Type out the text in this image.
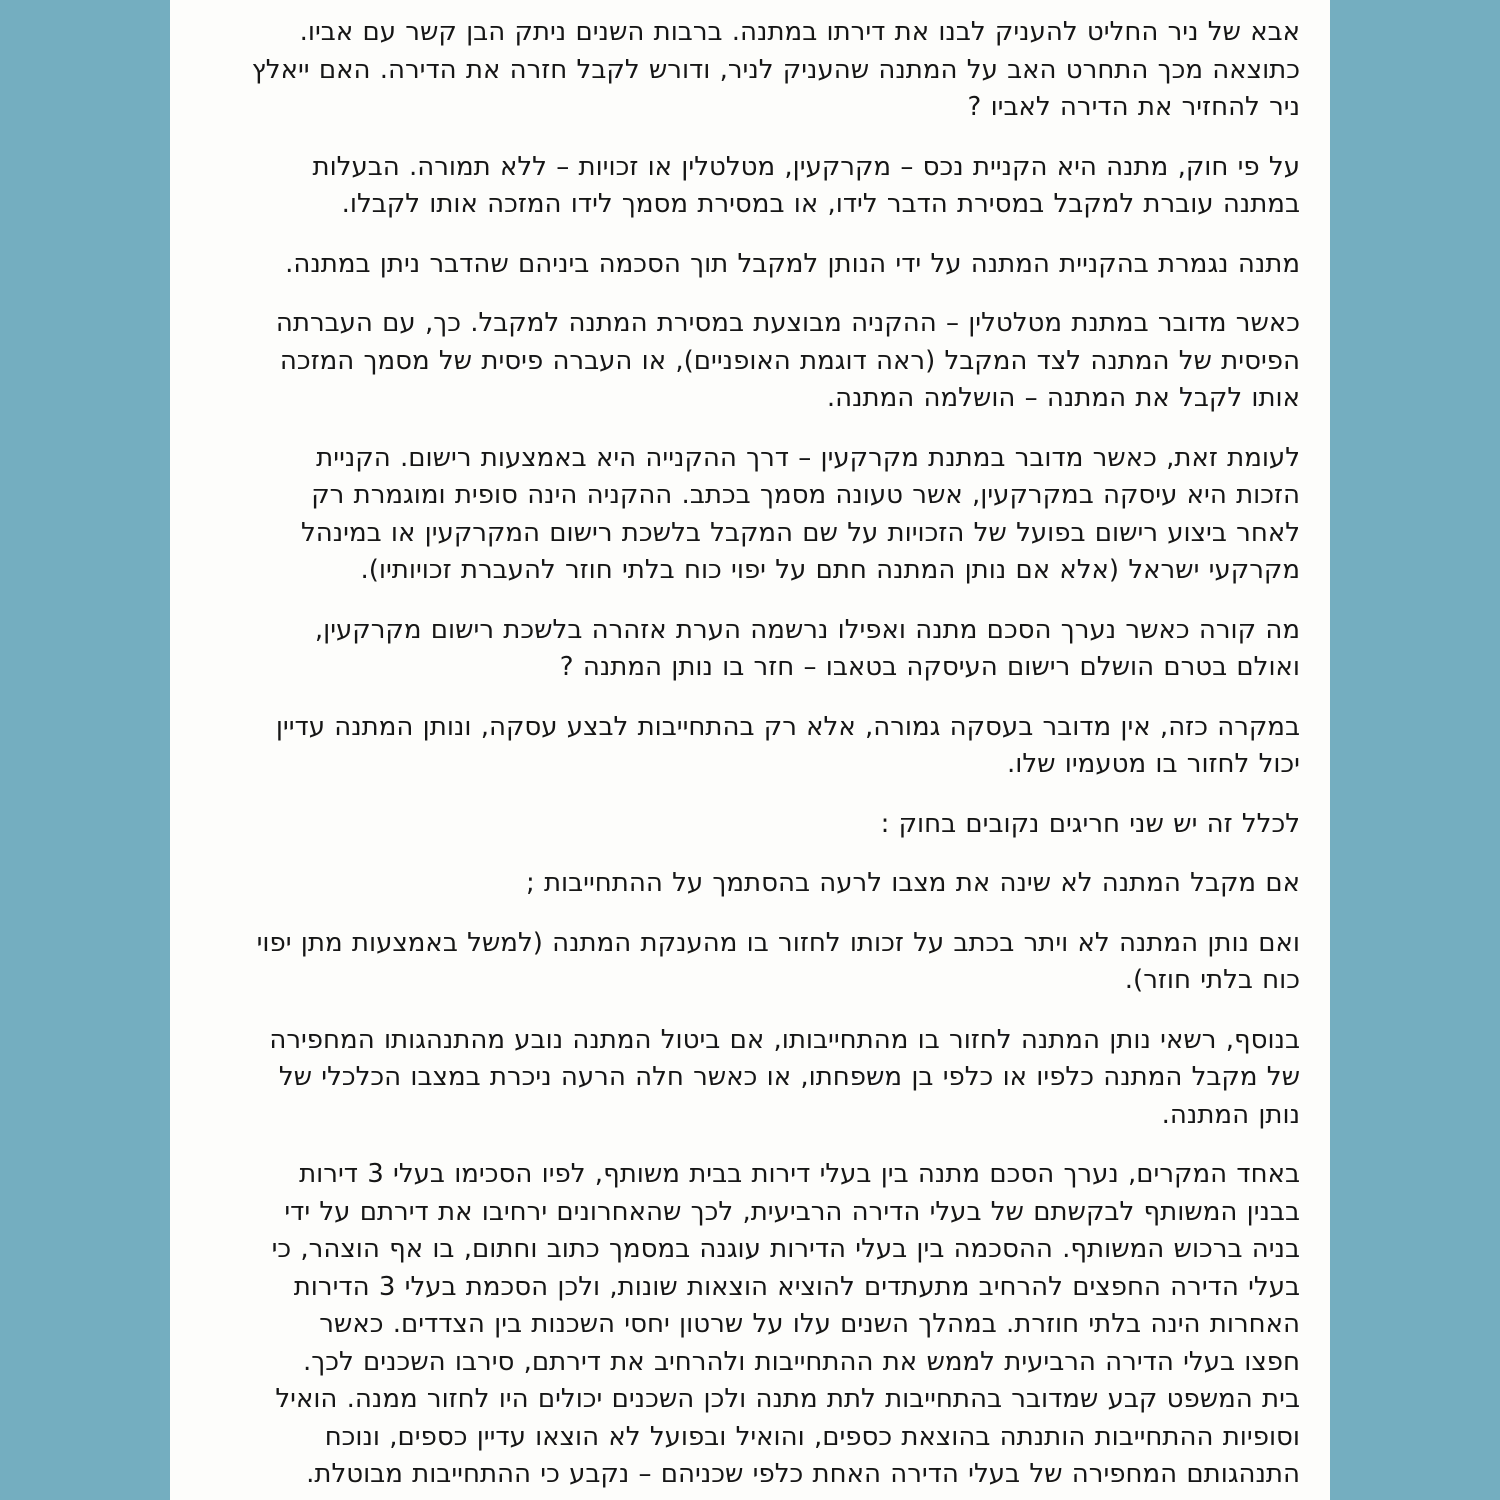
אבא של ניר החליט להעניק לבנו את דירתו במתנה. ברבות השנים ניתק הבן קשר עם אביו.
כתוצאה מכך התחרט האב על המתנה שהעניק לניר, ודורש לקבל חזרה את הדירה. האם ייאלץ
ניר להחזיר את הדירה לאביו ?

על פי חוק, מתנה היא הקניית נכס – מקרקעין, מטלטלין או זכויות – ללא תמורה. הבעלות
במתנה עוברת למקבל במסירת הדבר לידו, או במסירת מסמך לידו המזכה אותו לקבלו.

מתנה נגמרת בהקניית המתנה על ידי הנותן למקבל תוך הסכמה ביניהם שהדבר ניתן במתנה.

כאשר מדובר במתנת מטלטלין – ההקניה מבוצעת במסירת המתנה למקבל. כך, עם העברתה
הפיסית של המתנה לצד המקבל (ראה דוגמת האופניים), או העברה פיסית של מסמך המזכה
אותו לקבל את המתנה – הושלמה המתנה.

לעומת זאת, כאשר מדובר במתנת מקרקעין – דרך ההקנייה היא באמצעות רישום. הקניית
הזכות היא עיסקה במקרקעין, אשר טעונה מסמך בכתב. ההקניה הינה סופית ומוגמרת רק
לאחר ביצוע רישום בפועל של הזכויות על שם המקבל בלשכת רישום המקרקעין או במינהל
מקרקעי ישראל (אלא אם נותן המתנה חתם על יפוי כוח בלתי חוזר להעברת זכויותיו).

מה קורה כאשר נערך הסכם מתנה ואפילו נרשמה הערת אזהרה בלשכת רישום מקרקעין,
ואולם בטרם הושלם רישום העיסקה בטאבו – חזר בו נותן המתנה ?

במקרה כזה, אין מדובר בעסקה גמורה, אלא רק בהתחייבות לבצע עסקה, ונותן המתנה עדיין
יכול לחזור בו מטעמיו שלו.

לכלל זה יש שני חריגים נקובים בחוק :

אם מקבל המתנה לא שינה את מצבו לרעה בהסתמך על ההתחייבות ;

ואם נותן המתנה לא ויתר בכתב על זכותו לחזור בו מהענקת המתנה (למשל באמצעות מתן יפוי
כוח בלתי חוזר).

בנוסף, רשאי נותן המתנה לחזור בו מהתחייבותו, אם ביטול המתנה נובע מהתנהגותו המחפירה
של מקבל המתנה כלפיו או כלפי בן משפחתו, או כאשר חלה הרעה ניכרת במצבו הכלכלי של
נותן המתנה.

באחד המקרים, נערך הסכם מתנה בין בעלי דירות בבית משותף, לפיו הסכימו בעלי 3 דירות
בבנין המשותף לבקשתם של בעלי הדירה הרביעית, לכך שהאחרונים ירחיבו את דירתם על ידי
בניה ברכוש המשותף. ההסכמה בין בעלי הדירות עוגנה במסמך כתוב וחתום, בו אף הוצהר, כי
בעלי הדירה החפצים להרחיב מתעתדים להוציא הוצאות שונות, ולכן הסכמת בעלי 3 הדירות
האחרות הינה בלתי חוזרת. במהלך השנים עלו על שרטון יחסי השכנות בין הצדדים. כאשר
חפצו בעלי הדירה הרביעית לממש את ההתחייבות ולהרחיב את דירתם, סירבו השכנים לכך.
בית המשפט קבע שמדובר בהתחייבות לתת מתנה ולכן השכנים יכולים היו לחזור ממנה. הואיל
וסופיות ההתחייבות הותנתה בהוצאת כספים, והואיל ובפועל לא הוצאו עדיין כספים, ונוכח
התנהגותם המחפירה של בעלי הדירה האחת כלפי שכניהם – נקבע כי ההתחייבות מבוטלת.
